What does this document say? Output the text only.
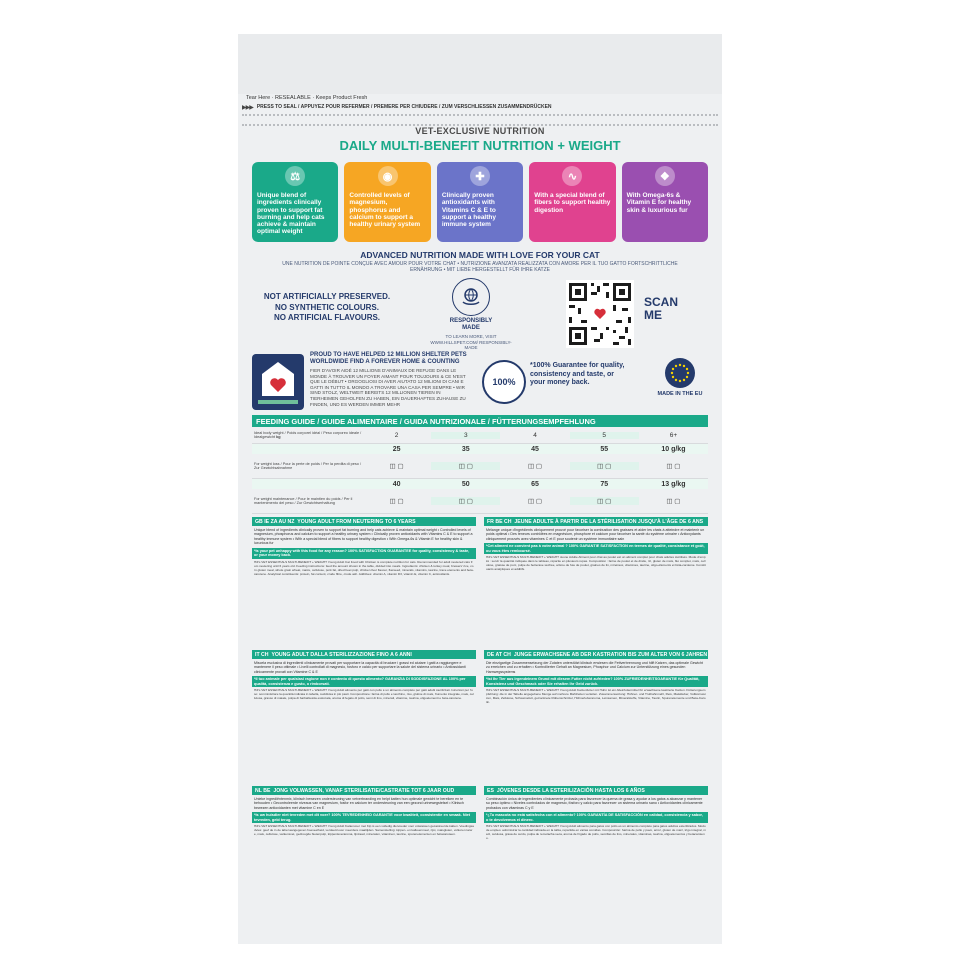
Tear Here · RESEALABLE · Keeps Product Fresh
▶▶▶ PRESS TO SEAL / APPUYEZ POUR REFERMER / PREMERE PER CHIUDERE / ZUM VERSCHLIESSEN ZUSAMMENDRÜCKEN
VET-EXCLUSIVE NUTRITION
DAILY MULTI-BENEFIT NUTRITION + WEIGHT
⚖
Unique blend of ingredients clinically proven to support fat burning and help cats achieve & maintain optimal weight
◉
Controlled levels of magnesium, phosphorus and calcium to support a healthy urinary system
✚
Clinically proven antioxidants with Vitamins C & E to support a healthy immune system
∿
With a special blend of fibers to support healthy digestion
❖
With Omega-6s & Vitamin E for healthy skin & luxurious fur
ADVANCED NUTRITION MADE WITH LOVE FOR YOUR CAT
UNE NUTRITION DE POINTE CONÇUE AVEC AMOUR POUR VOTRE CHAT • NUTRIZIONE AVANZATA REALIZZATA CON AMORE PER IL TUO GATTO FORTSCHRITTLICHE ERNÄHRUNG • MIT LIEBE HERGESTELLT FÜR IHRE KATZE
NOT ARTIFICIALLY PRESERVED.
NO SYNTHETIC COLOURS.
NO ARTIFICIAL FLAVOURS.	RESPONSIBLY
MADE
TO LEARN MORE, VISIT WWW.HILLSPET.COM/ RESPONSIBLY-MADE
SCAN
ME
PROUD TO HAVE HELPED 12 MILLION SHELTER PETS WORLDWIDE FIND A FOREVER HOME & COUNTING
FIER D'AVOIR AIDÉ 12 MILLIONS D'ANIMAUX DE REFUGE DANS LE MONDE À TROUVER UN FOYER AIMANT POUR TOUJOURS & CE N'EST QUE LE DÉBUT • ORGOGLIOSI DI AVER AIUTATO 12 MILIONI DI CANI E GATTI IN TUTTO IL MONDO A TROVARE UNA CASA PER SEMPRE • WIR SIND STOLZ, WELTWEIT BEREITS 12 MILLIONEN TIEREN IN TIERHEIMEN GEHOLFEN ZU HABEN, EIN DAUERHAFTES ZUHAUSE ZU FINDEN, UND ES WERDEN IMMER MEHR
100%
*100% Guarantee for quality, consistency and taste, or your money back.
MADE IN THE EU
FEEDING GUIDE / GUIDE ALIMENTAIRE / GUIDA NUTRIZIONALE / FÜTTERUNGSEMPFEHLUNG
Ideal body weight / Poids corporel idéal / Peso corporeo ideale / Idealgewicht kg	2	3	4	5	6+
25	35	45	55	10 g/kg
For weight loss / Pour la perte de poids / Per la perdita di peso / Zur Gewichtsabnahme	◫ ▢	◫ ▢	◫ ▢	◫ ▢	◫ ▢
40	50	65	75	13 g/kg
For weight maintenance / Pour le maintien du poids / Per il mantenimento del peso / Zur Gewichtserhaltung	◫ ▢	◫ ▢	◫ ▢	◫ ▢	◫ ▢
GB IE ZA AU NZ
YOUNG ADULT FROM NEUTERING TO 6 YEARS
Unique blend of ingredients clinically proven to support fat burning and help cats achieve & maintain optimal weight • Controlled levels of magnesium, phosphorus and calcium to support a healthy urinary system • Clinically proven antioxidants with Vitamins C & E to support a healthy immune system • With a special blend of fibers to support healthy digestion • With Omega-6s & Vitamin E for healthy skin & luxurious fur
*Is your pet unhappy with this food for any reason? 100% SATISFACTION GUARANTEE for quality, consistency & taste, or your money back.
Hill's VET ESSENTIALS MULTI-BENEFIT + WEIGHT Young Adult Cat Food with Chicken is complete nutrition for cats. Recommended for adult neutered cats from neutering until 6 years old. Feeding instructions: feed the amount shown in the table, divided into meals. Ingredients: chicken & turkey meal, brewers' rice, corn gluten meal, whole grain wheat, maize, cellulose, pork fat, dried beet pulp, chicken liver flavour, flaxseed, minerals, vitamins, taurine, trace elements and beta-carotene. Analytical constituents: protein, fat content, crude fibre, crude ash. Additives: vitamin A, vitamin D3, vitamin E, vitamin C, antioxidants.
FR BE CH
JEUNE ADULTE À PARTIR DE LA STÉRILISATION JUSQU'À L'ÂGE DE 6 ANS
Mélange unique d'ingrédients cliniquement prouvé pour favoriser la combustion des graisses et aider les chats à atteindre et maintenir un poids optimal • Des teneurs contrôlées en magnésium, phosphore et calcium pour favoriser la santé du système urinaire • Antioxydants cliniquement prouvés avec vitamines C et E pour soutenir un système immunitaire sain
*Cet aliment ne convient pas à votre animal ? 100% GARANTIE SATISFACTION en termes de qualité, consistance et goût, ou vous êtes remboursé.
Hill's VET ESSENTIALS MULTI-BENEFIT + WEIGHT Jeune Adulte Aliment pour chat au poulet est un aliment complet pour chats adultes stérilisés. Mode d'emploi : servir la quantité indiquée dans le tableau, répartie en plusieurs repas. Composition : farine de poulet et de dinde, riz, gluten de maïs, blé complet, maïs, cellulose, graisse de porc, pulpe de betterave séchée, arôme de foie de poulet, graines de lin, minéraux, vitamines, taurine, oligo-éléments et bêta-carotène. Constituants analytiques et additifs.
IT CH
YOUNG ADULT DALLA STERILIZZAZIONE FINO A 6 ANNI
Miscela esclusiva di ingredienti clinicamente provati per supportare la capacità di bruciare i grassi ed aiutare i gatti a raggiungere e mantenere il peso ottimale • Livelli controllati di magnesio, fosforo e calcio per supportare la salute del sistema urinario • Antiossidanti clinicamente provati con Vitamine C & E
*Il tuo animale per qualsiasi ragione non è contento di questo alimento? GARANZIA DI SODDISFAZIONE AL 100% per qualità, consistenza e gusto, o rimborsati.
Hill's VET ESSENTIALS MULTI-BENEFIT + WEIGHT Young Adult alimento per gatti con pollo è un alimento completo per gatti adulti sterilizzati. Istruzioni per l'uso: somministrare la quantità indicata in tabella, suddivisa in più pasti. Composizione: farina di pollo e tacchino, riso, glutine di mais, frumento integrale, mais, cellulosa, grasso di maiale, polpa di barbabietola essiccata, aroma di fegato di pollo, semi di lino, minerali, vitamine, taurina, oligoelementi e beta-carotene.
DE AT CH
JUNGE ERWACHSENE AB DER KASTRATION BIS ZUM ALTER VON 6 JAHREN
Die einzigartige Zusammensetzung der Zutaten unterstützt klinisch erwiesen die Fettverbrennung und hilft Katzen, das optimale Gewicht zu erreichen und zu erhalten • Kontrollierter Gehalt an Magnesium, Phosphor und Calcium zur Unterstützung eines gesunden Harnwegssystems
*Ist Ihr Tier aus irgendeinem Grund mit diesem Futter nicht zufrieden? 100% ZUFRIEDENHEITSGARANTIE für Qualität, Konsistenz und Geschmack oder Sie erhalten Ihr Geld zurück.
Hill's VET ESSENTIALS MULTI-BENEFIT + WEIGHT Young Adult Katzenfutter mit Huhn ist ein Alleinfuttermittel für erwachsene kastrierte Katzen. Fütterungsempfehlung: die in der Tabelle angegebene Menge auf mehrere Mahlzeiten verteilen. Zusammensetzung: Hühner- und Truthahnmehl, Reis, Maiskleber, Vollkornweizen, Mais, Zellulose, Schweinefett, getrocknete Rübenschnitzel, Hühnerleberaroma, Leinsamen, Mineralstoffe, Vitamine, Taurin, Spurenelemente und Beta-Carotin.
NL BE
JONG VOLWASSEN, VANAF STERILISATIE/CASTRATIE TOT 6 JAAR OUD
Unieke ingrediëntenmix, klinisch bewezen ondersteuning van vetverbranding en helpt katten hun optimale gewicht te bereiken en te behouden • Gecontroleerde niveaus van magnesium, fosfor en calcium ter ondersteuning van een gezond urinewegstelsel • Klinisch bewezen antioxidanten met vitamine C en E
*Is uw huisdier niet tevreden met dit voer? 100% TEVREDENHEID GARANTIE voor kwaliteit, consistentie en smaak. Niet tevreden, geld terug.
Hill's VET ESSENTIALS MULTI-BENEFIT + WEIGHT Young Adult Kattenvoer met Kip is een volledig diervoeder voor volwassen gecastreerde katten. Voedingsadvies: geef de in de tabel aangegeven hoeveelheid, verdeeld over meerdere maaltijden. Samenstelling: kippen- en kalkoenmeel, rijst, maisgluten, volkoren tarwe, mais, cellulose, varkensvet, gedroogde bietenpulp, kippenleveraroma, lijnzaad, mineralen, vitaminen, taurine, sporenelementen en bètacaroteen.
ES
JÓVENES DESDE LA ESTERILIZACIÓN HASTA LOS 6 AÑOS
Combinación única de ingredientes clínicamente probada para favorecer la quema de grasa y ayudar a los gatos a alcanzar y mantener su peso óptimo • Niveles controlados de magnesio, fósforo y calcio para favorecer un sistema urinario sano • Antioxidantes clínicamente probados con vitaminas C y E
*¿Tu mascota no está satisfecha con el alimento? 100% GARANTÍA DE SATISFACCIÓN en calidad, consistencia y sabor, o te devolvemos el dinero.
Hill's VET ESSENTIALS MULTI-BENEFIT + WEIGHT Young Adult alimento para gatos con pollo es un alimento completo para gatos adultos esterilizados. Modo de empleo: administrar la cantidad indicada en la tabla, repartida en varias comidas. Composición: harina de pollo y pavo, arroz, gluten de maíz, trigo integral, maíz, celulosa, grasa de cerdo, pulpa de remolacha seca, aroma de hígado de pollo, semillas de lino, minerales, vitaminas, taurina, oligoelementos y betacaroteno.
